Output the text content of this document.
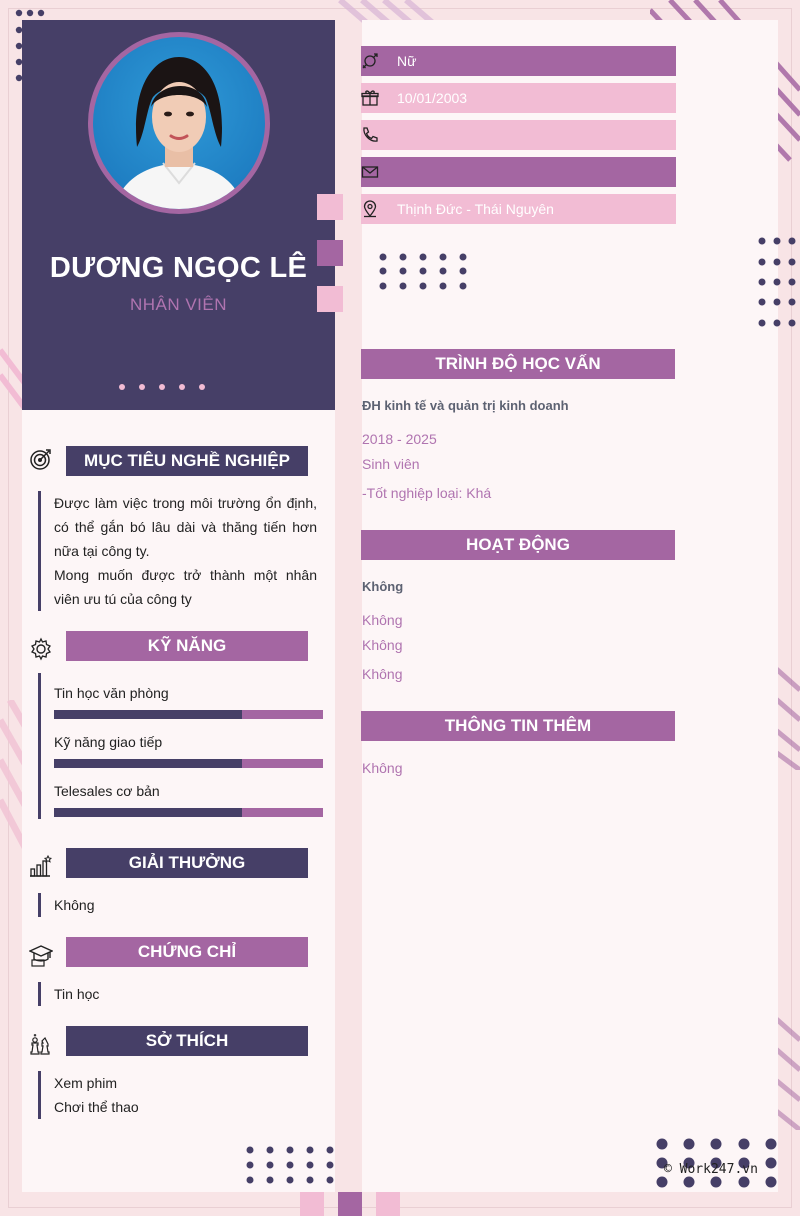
DƯƠNG NGỌC LÊ
NHÂN VIÊN
Nữ
10/01/2003
Thịnh Đức - Thái Nguyên
MỤC TIÊU NGHỀ NGHIỆP
Được làm việc trong môi trường ổn định, có thể gắn bó lâu dài và thăng tiến hơn nữa tại công ty.
Mong muốn được trở thành một nhân viên ưu tú của công ty
KỸ NĂNG
Tin học văn phòng
Kỹ năng giao tiếp
Telesales cơ bản
GIẢI THƯỞNG
Không
CHỨNG CHỈ
Tin học
SỞ THÍCH
Xem phim
Chơi thể thao
TRÌNH ĐỘ HỌC VẤN
ĐH kinh tế và quản trị kinh doanh
2018 - 2025
Sinh viên
-Tốt nghiệp loại: Khá
HOẠT ĐỘNG
Không
Không
Không
Không
THÔNG TIN THÊM
Không
© Work247.vn
